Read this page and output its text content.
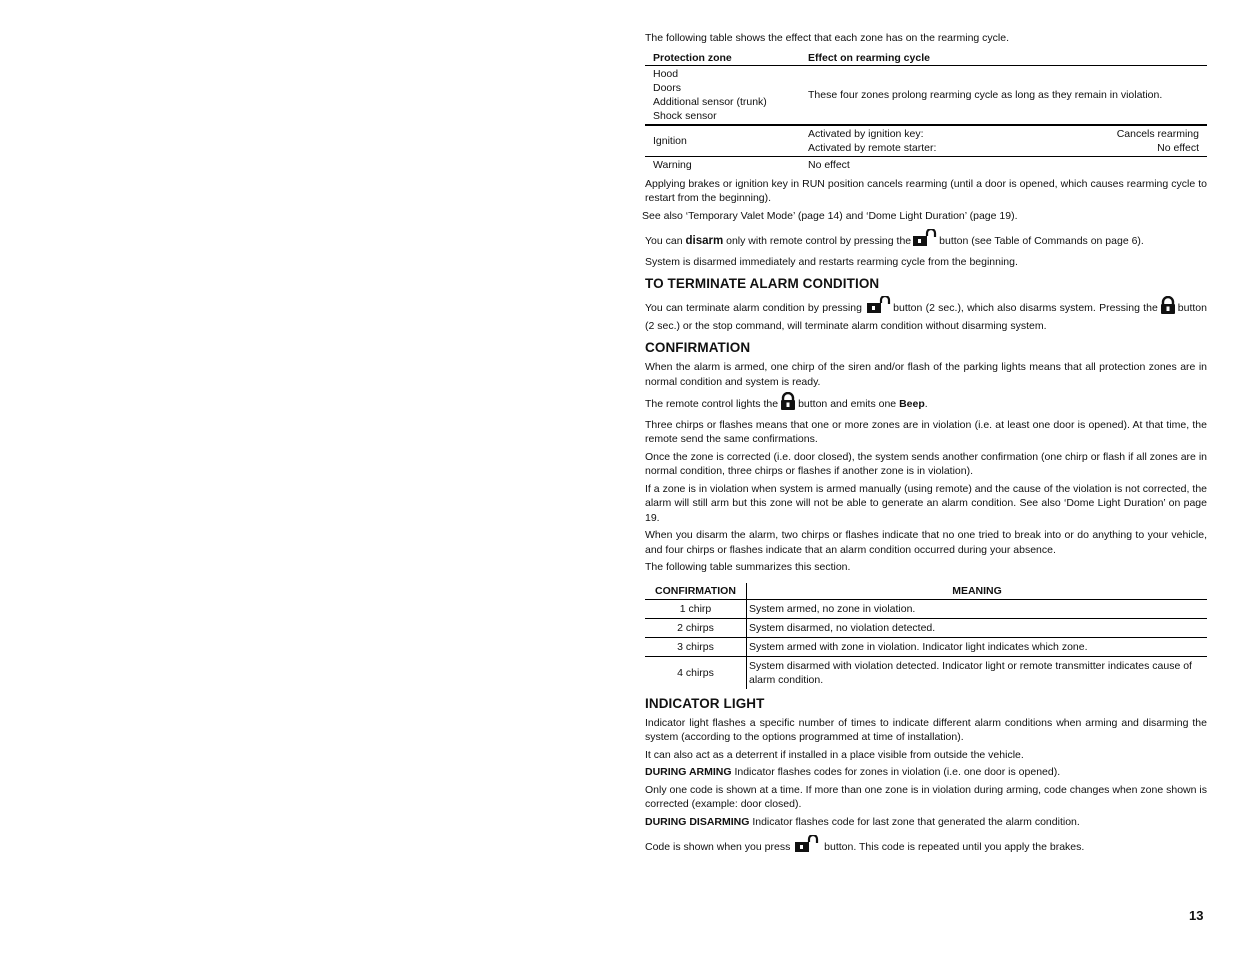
The following table shows the effect that each zone has on the rearming cycle.

Protection zone	Effect on rearming cycle

Hood
Doors
Additional sensor (trunk)
Shock sensor	These four zones prolong rearming cycle as long as they remain in violation.
Ignition	Activated by ignition key: Cancels rearming
Activated by remote starter: No effect

Warning	No effect

Applying brakes or ignition key in RUN position cancels rearming (until a door is opened, which causes rearming cycle to restart from the beginning).

See also ‘Temporary Valet Mode’ (page 14) and ‘Dome Light Duration’ (page 19).

You can disarm only with remote control by pressing the	button (see Table of Commands on page 6).

System is disarmed immediately and restarts rearming cycle from the beginning.

TO TERMINATE ALARM CONDITION

You can terminate alarm condition by pressing	button (2 sec.), which also disarms system. Pressing the button (2 sec.) or the stop command, will terminate alarm condition without disarming system.

CONFIRMATION

When the alarm is armed, one chirp of the siren and/or flash of the parking lights means that all protection zones are in normal condition and system is ready.

The remote control lights the button and emits one Beep.

Three chirps or flashes means that one or more zones are in violation (i.e. at least one door is opened). At that time, the remote send the same confirmations.

Once the zone is corrected (i.e. door closed), the system sends another confirmation (one chirp or flash if all zones are in normal condition, three chirps or flashes if another zone is in violation).

If a zone is in violation when system is armed manually (using remote) and the cause of the violation is not corrected, the alarm will still arm but this zone will not be able to generate an alarm condition. See also ‘Dome Light Duration’ on page 19.

When you disarm the alarm, two chirps or flashes indicate that no one tried to break into or do anything to your vehicle, and four chirps or flashes indicate that an alarm condition occurred during your absence.

The following table summarizes this section.

CONFIRMATION	MEANING
1 chirp	System armed, no zone in violation.
2 chirps	System disarmed, no violation detected.
3 chirps	System armed with zone in violation. Indicator light indicates which zone.
4 chirps	System disarmed with violation detected. Indicator light or remote transmitter indicates cause of alarm condition.
INDICATOR LIGHT

Indicator light flashes a specific number of times to indicate different alarm conditions when arming and disarming the system (according to the options programmed at time of installation).

It can also act as a deterrent if installed in a place visible from outside the vehicle.

DURING ARMING Indicator flashes codes for zones in violation (i.e. one door is opened).

Only one code is shown at a time. If more than one zone is in violation during arming, code changes when zone shown is corrected (example: door closed).

DURING DISARMING Indicator flashes code for last zone that generated the alarm condition.

Code is shown when you press	button. This code is repeated until you apply the brakes.

13
